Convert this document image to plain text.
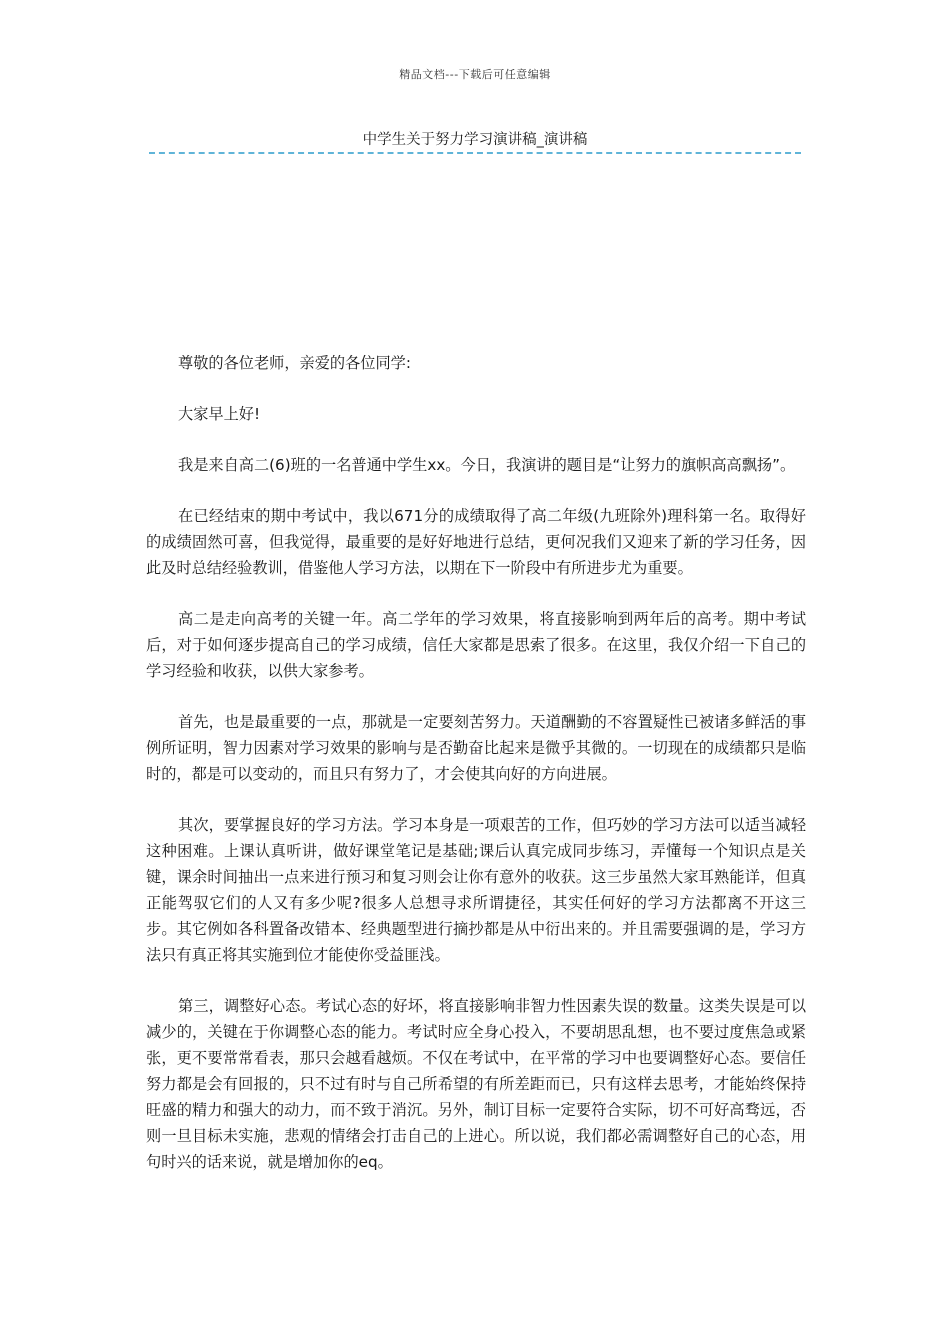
精品文档---下载后可任意编辑
中学生关于努力学习演讲稿_演讲稿

尊敬的各位老师，亲爱的各位同学:

大家早上好!

我是来自高二(6)班的一名普通中学生xx。今日，我演讲的题目是“让努力的旗帜高高飘扬”。

在已经结束的期中考试中，我以671分的成绩取得了高二年级(九班除外)理科第一名。取得好的成绩固然可喜，但我觉得，最重要的是好好地进行总结，更何况我们又迎来了新的学习任务，因此及时总结经验教训，借鉴他人学习方法，以期在下一阶段中有所进步尤为重要。

高二是走向高考的关键一年。高二学年的学习效果，将直接影响到两年后的高考。期中考试后，对于如何逐步提高自己的学习成绩，信任大家都是思索了很多。在这里，我仅介绍一下自己的学习经验和收获，以供大家参考。

首先，也是最重要的一点，那就是一定要刻苦努力。天道酬勤的不容置疑性已被诸多鲜活的事例所证明，智力因素对学习效果的影响与是否勤奋比起来是微乎其微的。一切现在的成绩都只是临时的，都是可以变动的，而且只有努力了，才会使其向好的方向进展。

其次，要掌握良好的学习方法。学习本身是一项艰苦的工作，但巧妙的学习方法可以适当减轻这种困难。上课认真听讲，做好课堂笔记是基础;课后认真完成同步练习，弄懂每一个知识点是关键，课余时间抽出一点来进行预习和复习则会让你有意外的收获。这三步虽然大家耳熟能详，但真正能驾驭它们的人又有多少呢?很多人总想寻求所谓捷径，其实任何好的学习方法都离不开这三步。其它例如各科置备改错本、经典题型进行摘抄都是从中衍出来的。并且需要强调的是，学习方法只有真正将其实施到位才能使你受益匪浅。

第三，调整好心态。考试心态的好坏，将直接影响非智力性因素失误的数量。这类失误是可以减少的，关键在于你调整心态的能力。考试时应全身心投入，不要胡思乱想，也不要过度焦急或紧张，更不要常常看表，那只会越看越烦。不仅在考试中，在平常的学习中也要调整好心态。要信任努力都是会有回报的，只不过有时与自己所希望的有所差距而已，只有这样去思考，才能始终保持旺盛的精力和强大的动力，而不致于消沉。另外，制订目标一定要符合实际，切不可好高骛远，否则一旦目标未实施，悲观的情绪会打击自己的上进心。所以说，我们都必需调整好自己的心态，用句时兴的话来说，就是增加你的eq。
